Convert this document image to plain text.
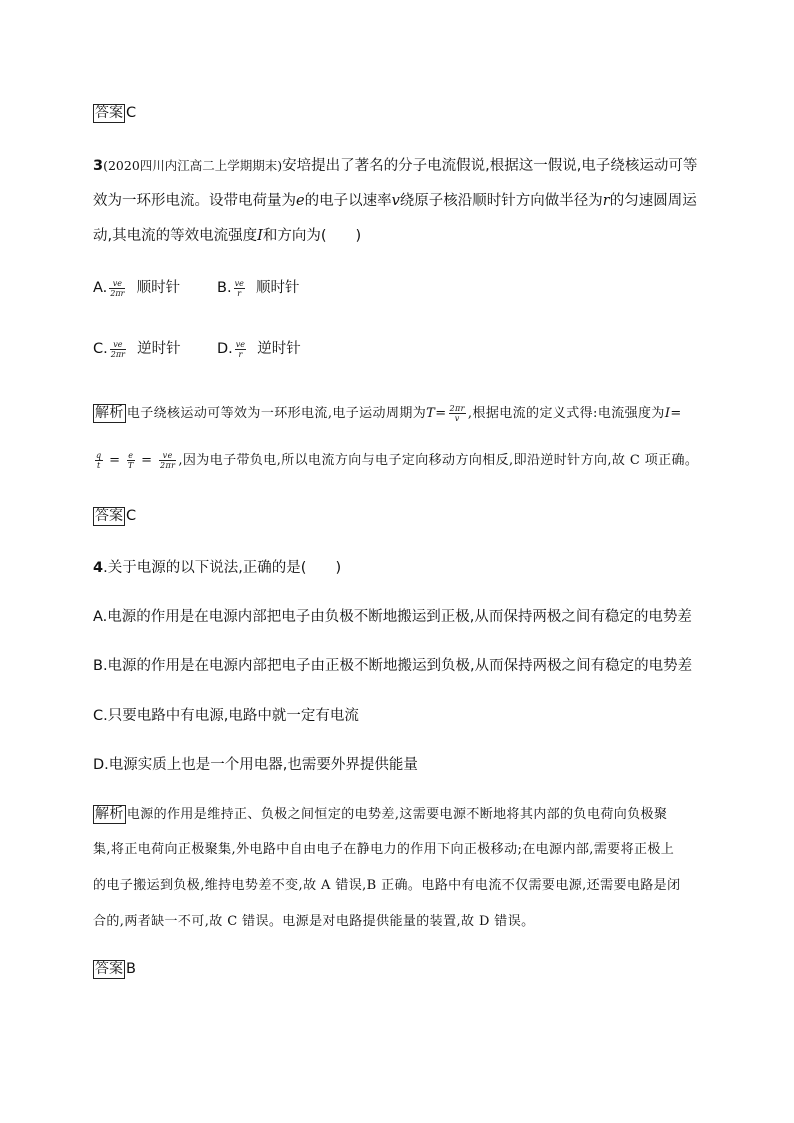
答案 C
3(2020四川内江高二上学期期末)安培提出了著名的分子电流假说,根据这一假说,电子绕核运动可等
效为一环形电流。设带电荷量为e的电子以速率v绕原子核沿顺时针方向做半径为r的匀速圆周运
动,其电流的等效电流强度I和方向为(　　)
A. $\frac{ve}{2\pi r}$ 顺时针	B. $\frac{ve}{r}$ 顺时针
C. $\frac{ve}{2\pi r}$ 逆时针	D. $\frac{ve}{r}$ 逆时针
解析 电子绕核运动可等效为一环形电流,电子运动周期为$T= \frac{2\pi r}{v}$ ,根据电流的定义式得:电流强度为I=
$\frac{q}{t} = \frac{e}{T} = \frac{ve}{2\pi r}$ ,因为电子带负电,所以电流方向与电子定向移动方向相反,即沿逆时针方向,故 C 项正确。
答案 C
4.关于电源的以下说法,正确的是(　　)
A.电源的作用是在电源内部把电子由负极不断地搬运到正极,从而保持两极之间有稳定的电势差
B.电源的作用是在电源内部把电子由正极不断地搬运到负极,从而保持两极之间有稳定的电势差
C.只要电路中有电源,电路中就一定有电流
D.电源实质上也是一个用电器,也需要外界提供能量
解析 电源的作用是维持正、负极之间恒定的电势差,这需要电源不断地将其内部的负电荷向负极聚
集,将正电荷向正极聚集,外电路中自由电子在静电力的作用下向正极移动;在电源内部,需要将正极上
的电子搬运到负极,维持电势差不变,故 A 错误,B 正确。电路中有电流不仅需要电源,还需要电路是闭
合的,两者缺一不可,故 C 错误。电源是对电路提供能量的装置,故 D 错误。
答案 B
